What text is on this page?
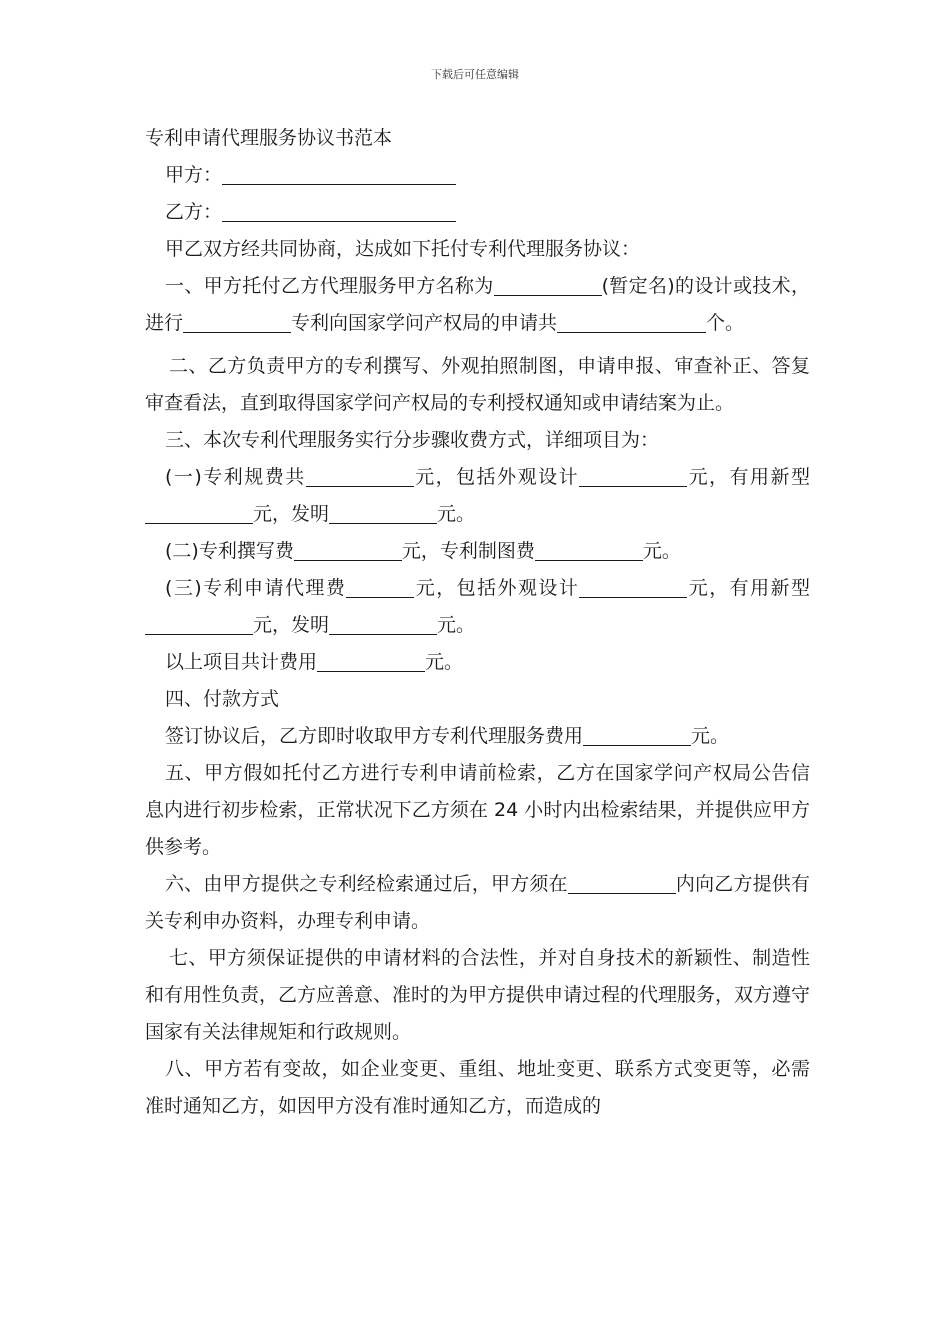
下载后可任意编辑

专利申请代理服务协议书范本

甲方：

乙方：

甲乙双方经共同协商，达成如下托付专利代理服务协议：

一、甲方托付乙方代理服务甲方名称为	(暂定名)的设计或技术，进行	专利向国家学问产权局的申请共	个。

二、乙方负责甲方的专利撰写、外观拍照制图，申请申报、审查补正、答复审查看法，直到取得国家学问产权局的专利授权通知或申请结案为止。

三、本次专利代理服务实行分步骤收费方式，详细项目为：

(一)专利规费共	元，包括外观设计	元，有用新型元，发明	元。

(二)专利撰写费	元，专利制图费	元。

(三)专利申请代理费	元，包括外观设计	元，有用新型元，发明	元。

以上项目共计费用	元。

四、付款方式

签订协议后，乙方即时收取甲方专利代理服务费用	元。

五、甲方假如托付乙方进行专利申请前检索，乙方在国家学问产权局公告信息内进行初步检索，正常状况下乙方须在 24 小时内出检索结果，并提供应甲方供参考。

六、由甲方提供之专利经检索通过后，甲方须在	内向乙方提供有关专利申办资料，办理专利申请。

七、甲方须保证提供的申请材料的合法性，并对自身技术的新颖性、制造性和有用性负责，乙方应善意、准时的为甲方提供申请过程的代理服务，双方遵守国家有关法律规矩和行政规则。

八、甲方若有变故，如企业变更、重组、地址变更、联系方式变更等，必需准时通知乙方，如因甲方没有准时通知乙方，而造成的
